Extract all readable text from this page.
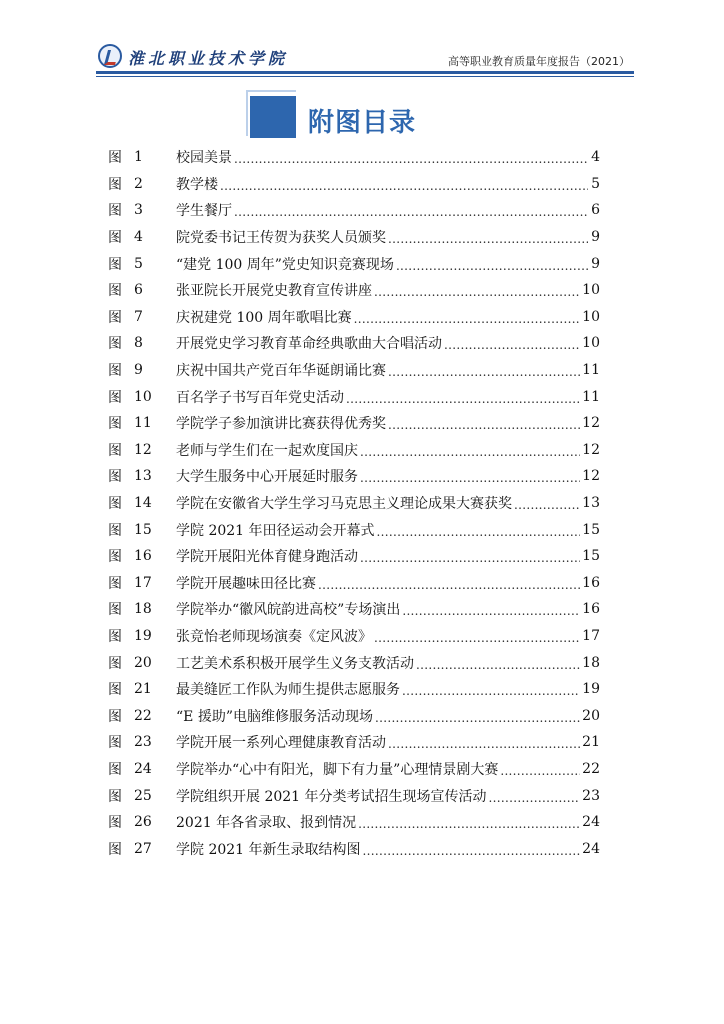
淮北职业技术学院	高等职业教育质量年度报告（2021）
附图目录
图 1	校园美景 .....	4
图 2	教学楼 .....	5
图 3	学生餐厅 .....	6
图 4	院党委书记王传贺为获奖人员颁奖 .....	9
图 5	“建党 100 周年”党史知识竞赛现场 .....	9
图 6	张亚院长开展党史教育宣传讲座 .....	10
图 7	庆祝建党 100 周年歌唱比赛 .....	10
图 8	开展党史学习教育革命经典歌曲大合唱活动 .....	10
图 9	庆祝中国共产党百年华诞朗诵比赛 .....	11
图 10	百名学子书写百年党史活动 .....	11
图 11	学院学子参加演讲比赛获得优秀奖 .....	12
图 12	老师与学生们在一起欢度国庆 .....	12
图 13	大学生服务中心开展延时服务 .....	12
图 14	学院在安徽省大学生学习马克思主义理论成果大赛获奖 .....	13
图 15	学院 2021 年田径运动会开幕式 .....	15
图 16	学院开展阳光体育健身跑活动 .....	15
图 17	学院开展趣味田径比赛 .....	16
图 18	学院举办“徽风皖韵进高校”专场演出 .....	16
图 19	张竞怡老师现场演奏《定风波》 .....	17
图 20	工艺美术系积极开展学生义务支教活动 .....	18
图 21	最美缝匠工作队为师生提供志愿服务 .....	19
图 22	“E 援助”电脑维修服务活动现场 .....	20
图 23	学院开展一系列心理健康教育活动 .....	21
图 24	学院举办“心中有阳光，脚下有力量”心理情景剧大赛 .....	22
图 25	学院组织开展 2021 年分类考试招生现场宣传活动 .....	23
图 26	2021 年各省录取、报到情况 .....	24
图 27	学院 2021 年新生录取结构图 .....	24
